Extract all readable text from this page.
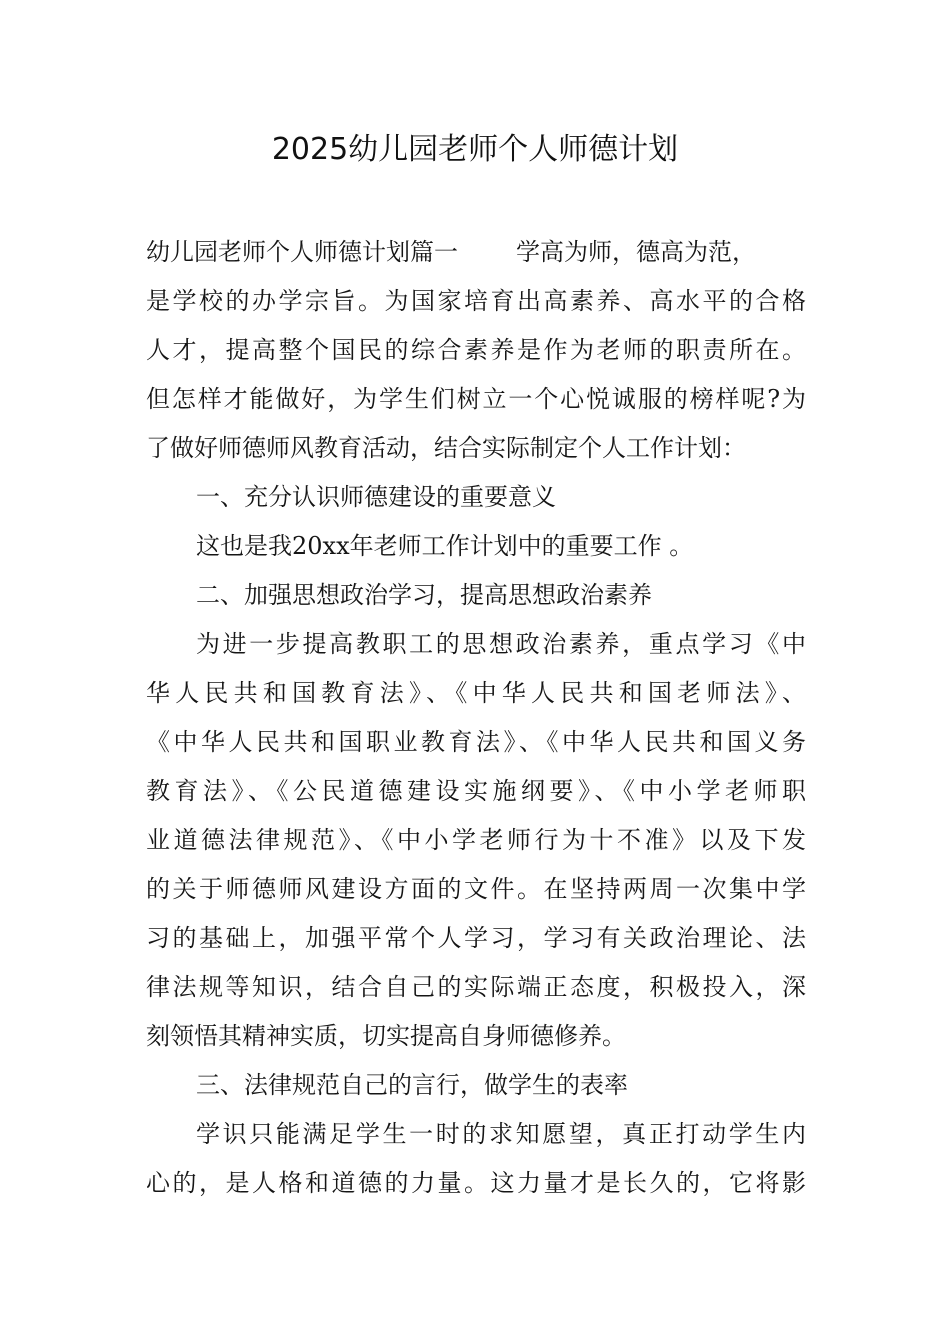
2025幼儿园老师个人师德计划
幼儿园老师个人师德计划篇一 学高为师，德高为范，
是学校的办学宗旨。为国家培育出高素养、高水平的合格
人才，提高整个国民的综合素养是作为老师的职责所在。
但怎样才能做好，为学生们树立一个心悦诚服的榜样呢?为
了做好师德师风教育活动，结合实际制定个人工作计划：
一、充分认识师德建设的重要意义
这也是我20xx年老师工作计划中的重要工作 。
二、加强思想政治学习，提高思想政治素养
为进一步提高教职工的思想政治素养，重点学习《中
华人民共和国教育法》、《中华人民共和国老师法》、
《中华人民共和国职业教育法》、《中华人民共和国义务
教育法》、《公民道德建设实施纲要》、《中小学老师职
业道德法律规范》、《中小学老师行为十不准》以及下发
的关于师德师风建设方面的文件。在坚持两周一次集中学
习的基础上，加强平常个人学习，学习有关政治理论、法
律法规等知识，结合自己的实际端正态度，积极投入，深
刻领悟其精神实质，切实提高自身师德修养。
三、法律规范自己的言行，做学生的表率
学识只能满足学生一时的求知愿望，真正打动学生内
心的，是人格和道德的力量。这力量才是长久的，它将影
